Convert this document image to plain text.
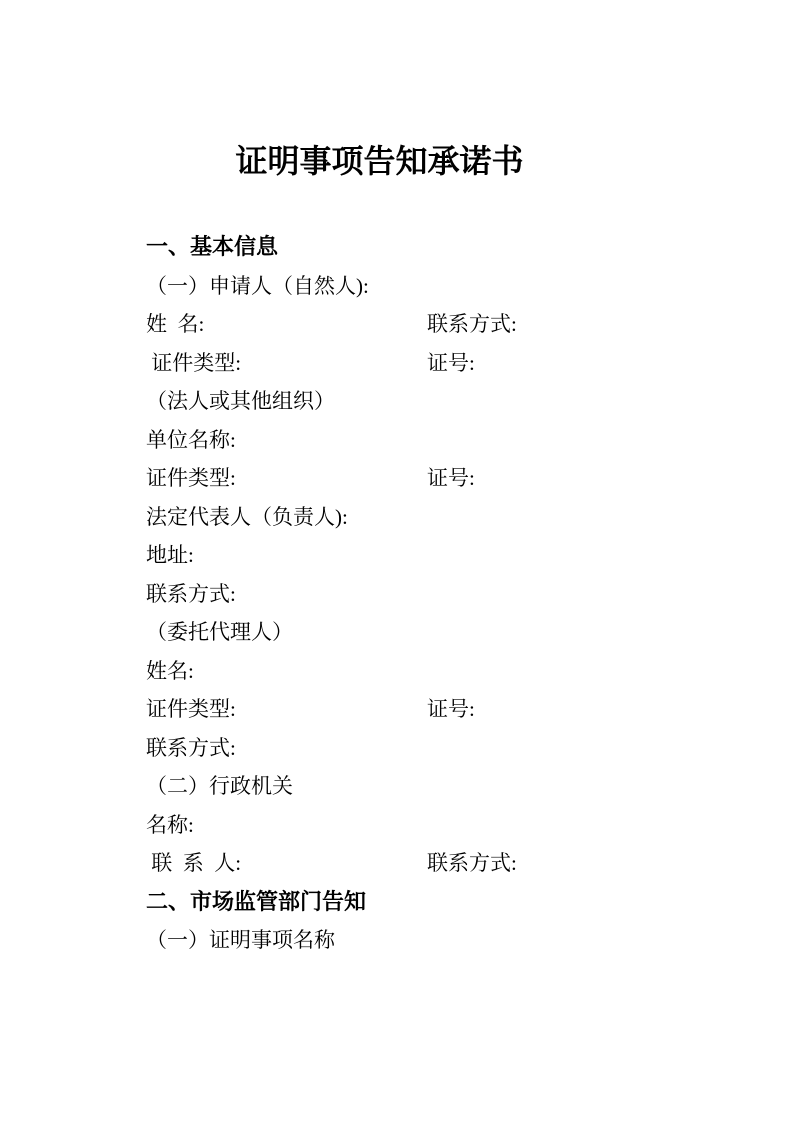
证明事项告知承诺书
一、基本信息
（一）申请人（自然人):
姓  名:	联系方式:
证件类型:	证号:
（法人或其他组织）
单位名称:
证件类型:	证号:
法定代表人（负责人):
地址:
联系方式:
（委托代理人）
姓名:
证件类型:	证号:
联系方式:
（二）行政机关
名称:
联  系  人:	联系方式:
二、市场监管部门告知
（一）证明事项名称
